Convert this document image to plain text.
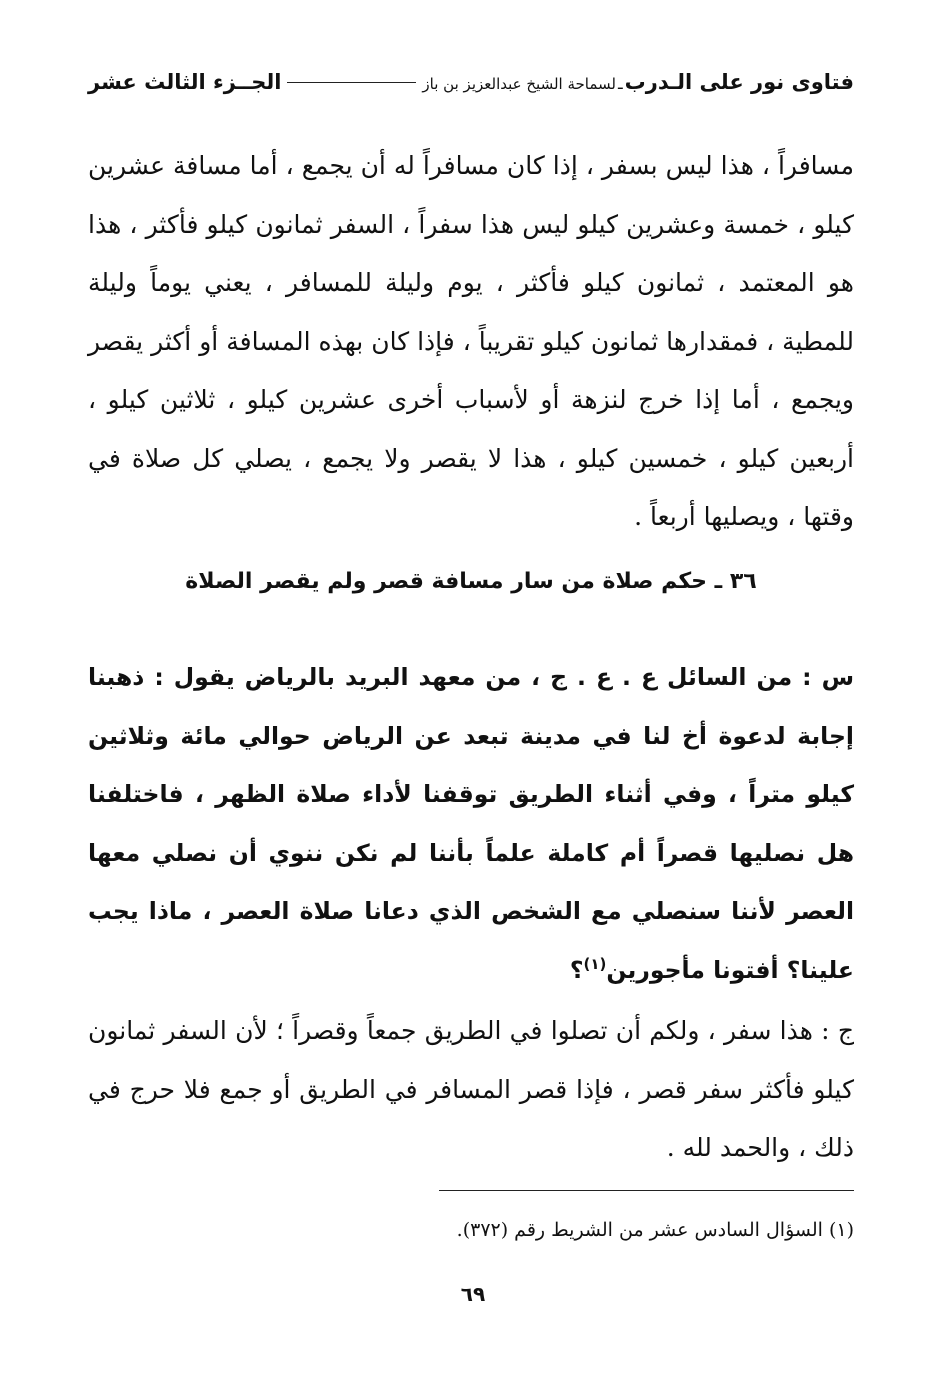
فتاوى نور على الـدرب
ـ
لسماحة الشيخ عبدالعزيز بن باز
الجــزء الثالث عشر

مسافراً ، هذا ليس بسفر ، إذا كان مسافراً له أن يجمع ، أما مسافة عشرين كيلو ، خمسة وعشرين كيلو ليس هذا سفراً ، السفر ثمانون كيلو فأكثر ، هذا هو المعتمد ، ثمانون كيلو فأكثر ، يوم وليلة للمسافر ، يعني يوماً وليلة للمطية ، فمقدارها ثمانون كيلو تقريباً ، فإذا كان بهذه المسافة أو أكثر يقصر ويجمع ، أما إذا خرج لنزهة أو لأسباب أخرى عشرين كيلو ، ثلاثين كيلو ، أربعين كيلو ، خمسين كيلو ، هذا لا يقصر ولا يجمع ، يصلي كل صلاة في وقتها ، ويصليها أربعاً .

٣٦ ـ حكم صلاة من سار مسافة قصر ولم يقصر الصلاة

س : من السائل ع . ع . ج ، من معهد البريد بالرياض يقول : ذهبنا إجابة لدعوة أخ لنا في مدينة تبعد عن الرياض حوالي مائة وثلاثين كيلو متراً ، وفي أثناء الطريق توقفنا لأداء صلاة الظهر ، فاختلفنا هل نصليها قصراً أم كاملة علماً بأننا لم نكن ننوي أن نصلي معها العصر لأننا سنصلي مع الشخص الذي دعانا صلاة العصر ، ماذا يجب علينا؟ أفتونا مأجورين$^{(١)}$؟

ج : هذا سفر ، ولكم أن تصلوا في الطريق جمعاً وقصراً ؛ لأن السفر ثمانون كيلو فأكثر سفر قصر ، فإذا قصر المسافر في الطريق أو جمع فلا حرج في ذلك ، والحمد لله .

(١) السؤال السادس عشر من الشريط رقم (٣٧٢).
٦٩
